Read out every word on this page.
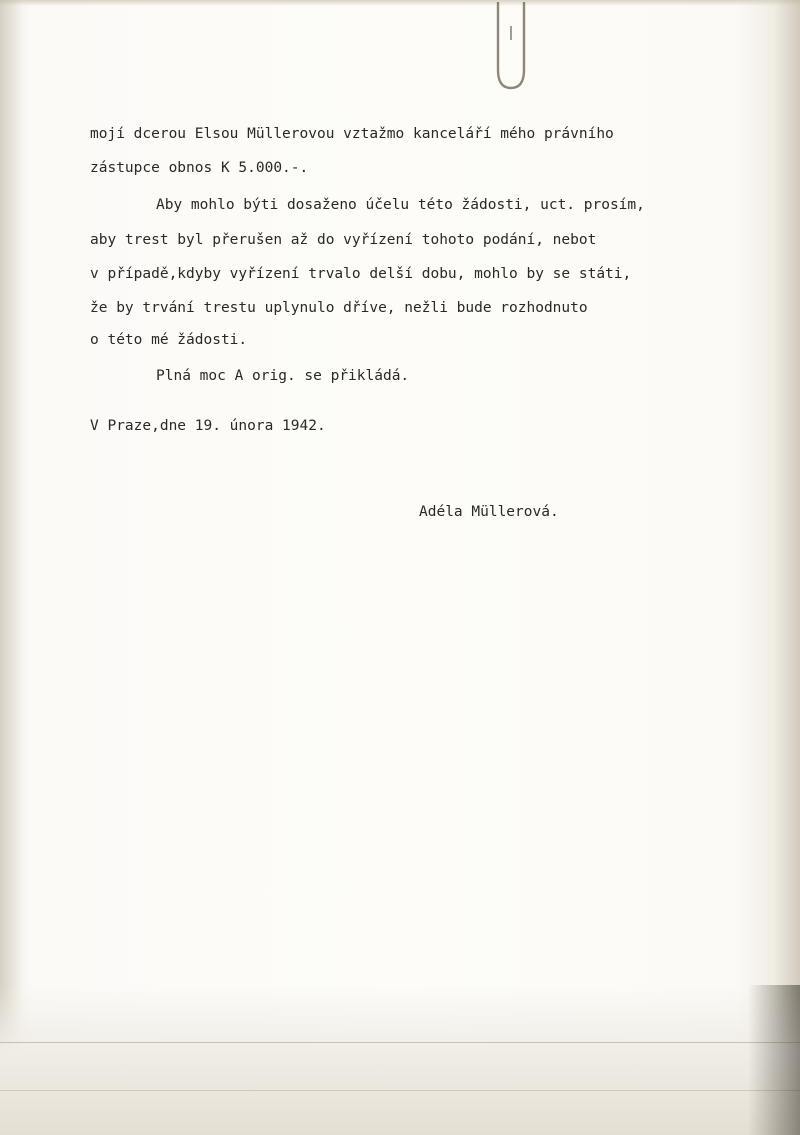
mojí dcerou Elsou Müllerovou vztažmo kanceláří mého právního

zástupce obnos K 5.000.-.

Aby mohlo býti dosaženo účelu této žádosti, uct. prosím,

aby trest byl přerušen až do vyřízení tohoto podání, nebot

v případě,kdyby vyřízení trvalo delší dobu, mohlo by se státi,

že by trvání trestu uplynulo dříve, nežli bude rozhodnuto

o této mé žádosti.

Plná moc A orig. se přikládá.

V Praze,dne 19. února 1942.

Adéla Müllerová.
